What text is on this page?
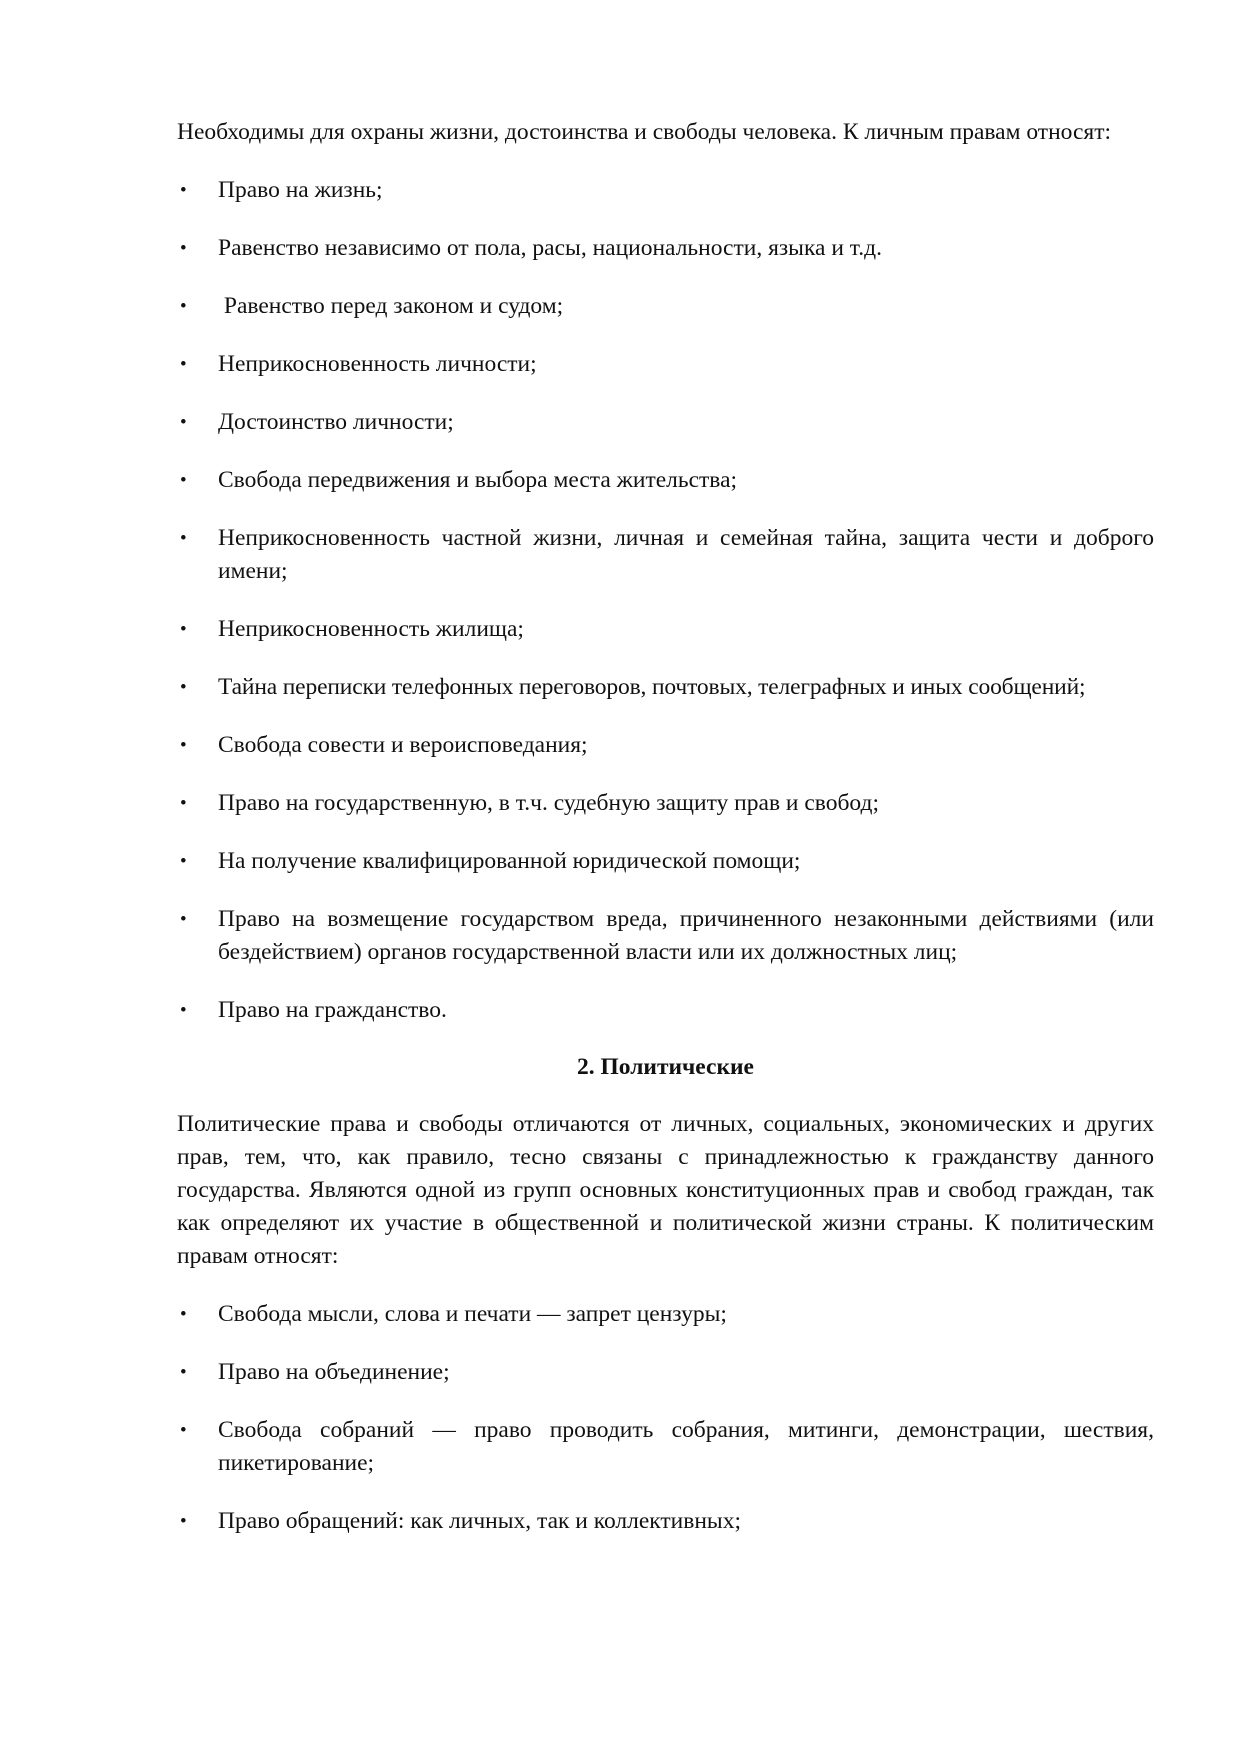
Необходимы для охраны жизни, достоинства и свободы человека. К личным правам относят:

• Право на жизнь;
• Равенство независимо от пола, расы, национальности, языка и т.д.
• Равенство перед законом и судом;
• Неприкосновенность личности;
• Достоинство личности;
• Свобода передвижения и выбора места жительства;
• Неприкосновенность частной жизни, личная и семейная тайна, защита чести и доброго имени;
• Неприкосновенность жилища;
• Тайна переписки телефонных переговоров, почтовых, телеграфных и иных сообщений;
• Свобода совести и вероисповедания;
• Право на государственную, в т.ч. судебную защиту прав и свобод;
• На получение квалифицированной юридической помощи;
• Право на возмещение государством вреда, причиненного незаконными действиями (или бездействием) органов государственной власти или их должностных лиц;
• Право на гражданство.
2. Политические

Политические права и свободы отличаются от личных, социальных, экономических и других прав, тем, что, как правило, тесно связаны с принадлежностью к гражданству данного государства. Являются одной из групп основных конституционных прав и свобод граждан, так как определяют их участие в общественной и политической жизни страны. К политическим правам относят:

• Свобода мысли, слова и печати — запрет цензуры;
• Право на объединение;
• Свобода собраний — право проводить собрания, митинги, демонстрации, шествия, пикетирование;
• Право обращений: как личных, так и коллективных;
